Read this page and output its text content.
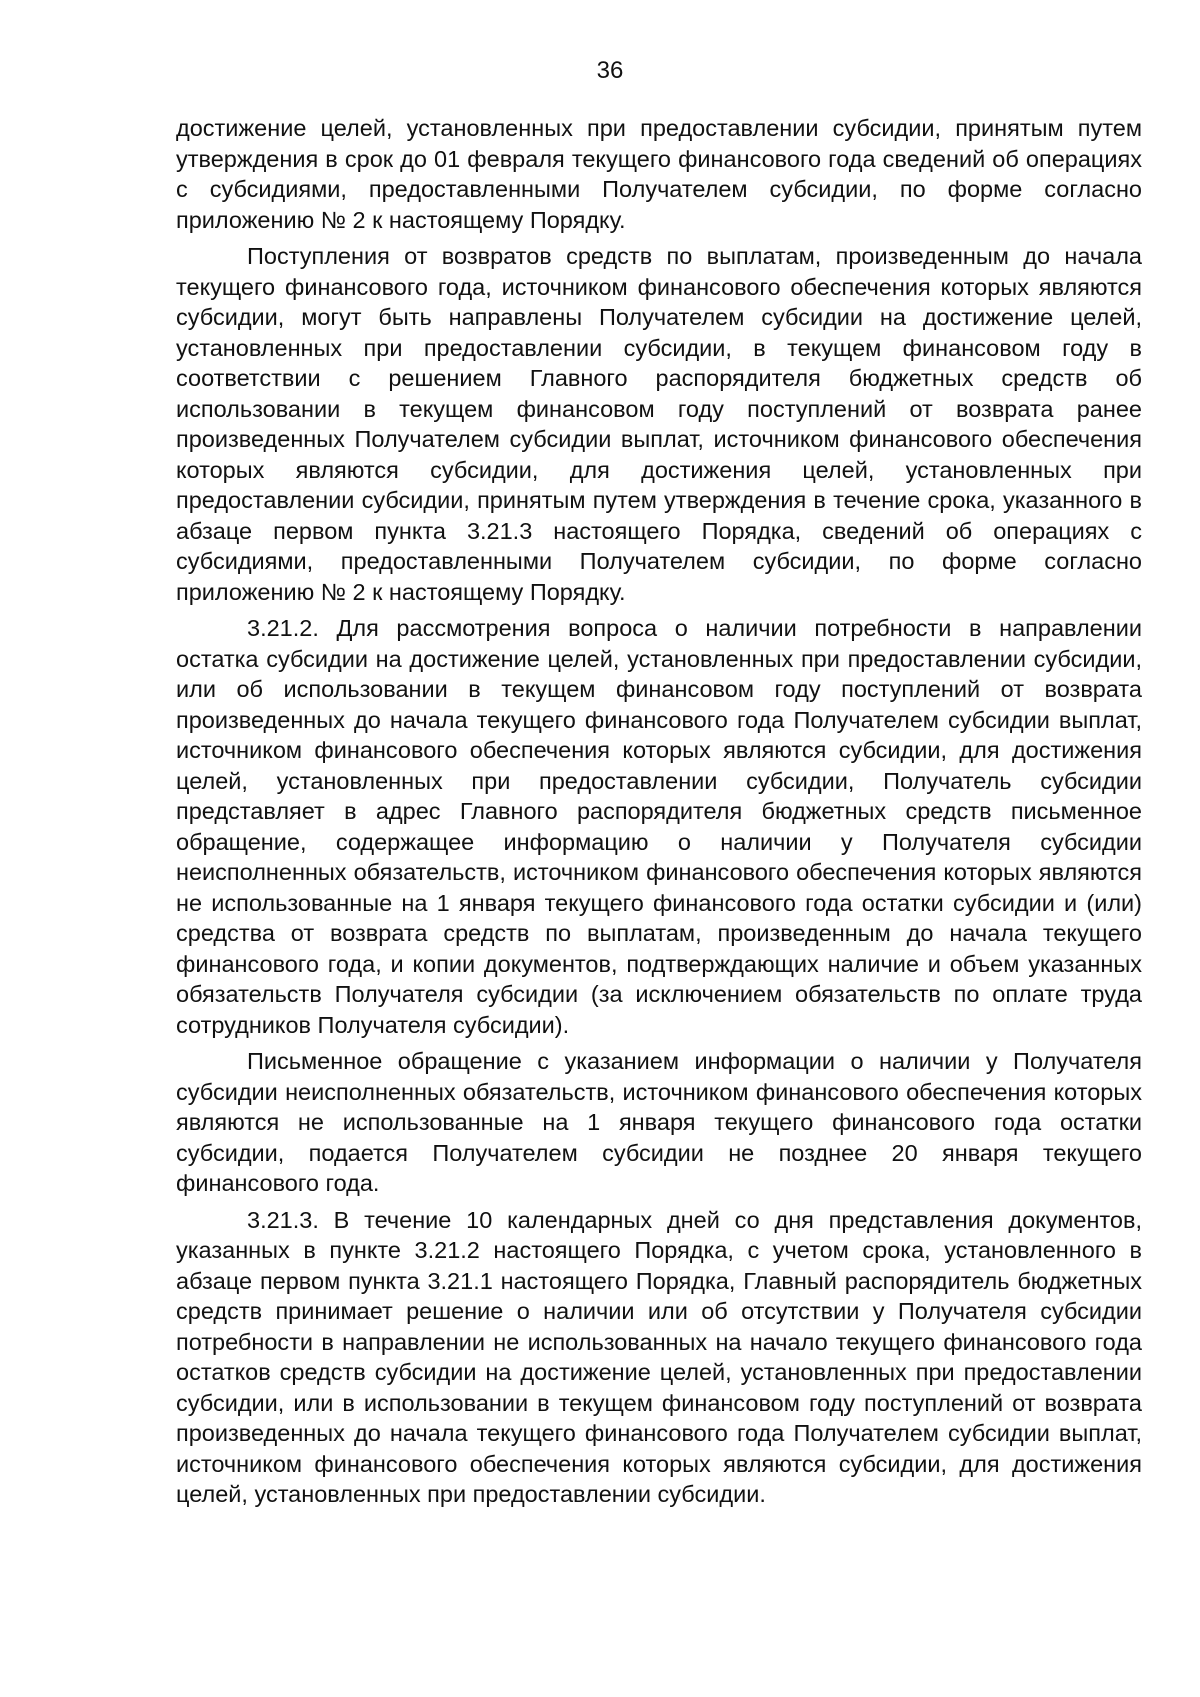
36

достижение целей, установленных при предоставлении субсидии, принятым путем утверждения в срок до 01 февраля текущего финансового года сведений об операциях с субсидиями, предоставленными Получателем субсидии, по форме согласно приложению № 2 к настоящему Порядку.

Поступления от возвратов средств по выплатам, произведенным до начала текущего финансового года, источником финансового обеспечения которых являются субсидии, могут быть направлены Получателем субсидии на достижение целей, установленных при предоставлении субсидии, в текущем финансовом году в соответствии с решением Главного распорядителя бюджетных средств об использовании в текущем финансовом году поступлений от возврата ранее произведенных Получателем субсидии выплат, источником финансового обеспечения которых являются субсидии, для достижения целей, установленных при предоставлении субсидии, принятым путем утверждения в течение срока, указанного в абзаце первом пункта 3.21.3 настоящего Порядка, сведений об операциях с субсидиями, предоставленными Получателем субсидии, по форме согласно приложению № 2 к настоящему Порядку.

3.21.2. Для рассмотрения вопроса о наличии потребности в направлении остатка субсидии на достижение целей, установленных при предоставлении субсидии, или об использовании в текущем финансовом году поступлений от возврата произведенных до начала текущего финансового года Получателем субсидии выплат, источником финансового обеспечения которых являются субсидии, для достижения целей, установленных при предоставлении субсидии, Получатель субсидии представляет в адрес Главного распорядителя бюджетных средств письменное обращение, содержащее информацию о наличии у Получателя субсидии неисполненных обязательств, источником финансового обеспечения которых являются не использованные на 1 января текущего финансового года остатки субсидии и (или) средства от возврата средств по выплатам, произведенным до начала текущего финансового года, и копии документов, подтверждающих наличие и объем указанных обязательств Получателя субсидии (за исключением обязательств по оплате труда сотрудников Получателя субсидии).

Письменное обращение с указанием информации о наличии у Получателя субсидии неисполненных обязательств, источником финансового обеспечения которых являются не использованные на 1 января текущего финансового года остатки субсидии, подается Получателем субсидии не позднее 20 января текущего финансового года.

3.21.3. В течение 10 календарных дней со дня представления документов, указанных в пункте 3.21.2 настоящего Порядка, с учетом срока, установленного в абзаце первом пункта 3.21.1 настоящего Порядка, Главный распорядитель бюджетных средств принимает решение о наличии или об отсутствии у Получателя субсидии потребности в направлении не использованных на начало текущего финансового года остатков средств субсидии на достижение целей, установленных при предоставлении субсидии, или в использовании в текущем финансовом году поступлений от возврата произведенных до начала текущего финансового года Получателем субсидии выплат, источником финансового обеспечения которых являются субсидии, для достижения целей, установленных при предоставлении субсидии.
